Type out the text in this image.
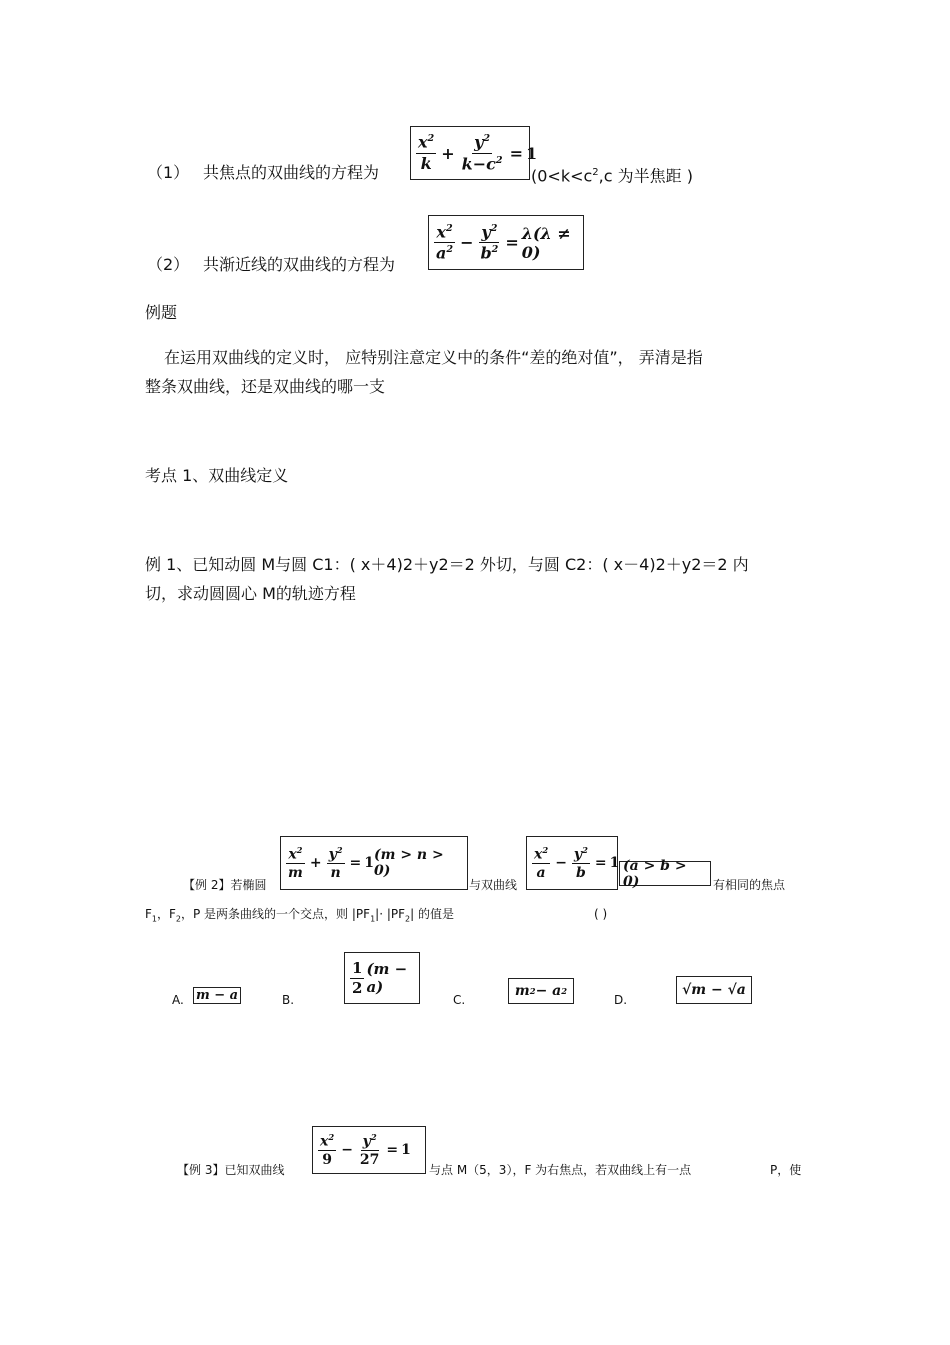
（1） 共焦点的双曲线的方程为
$\frac{x^2}{k} + \frac{y^2}{k-c^2} = 1$
($0<k<c^2,c$ 为半焦距 )
（2） 共渐近线的双曲线的方程为
$\frac{x^2}{a^2} - \frac{y^2}{b^2} = \lambda(\lambda \ne 0)$
例题
在运用双曲线的定义时， 应特别注意定义中的条件“差的绝对值”， 弄清是指
整条双曲线，还是双曲线的哪一支
考点 1、双曲线定义
例 1、已知动圆 M与圆 C1：( x＋4)2＋y2＝2 外切，与圆 C2：( x－4)2＋y2＝2 内
切，求动圆圆心 M的轨迹方程
【例 2】若椭圆
$\frac{x^2}{m} + \frac{y^2}{n} = 1$ (m > n > 0)
与双曲线
$\frac{x^2}{a} - \frac{y^2}{b} = 1$ (a > b > 0)	有相同的焦点
$F_1$，$F_2$，P 是两条曲线的一个交点，则 $|PF_1|\cdot |PF_2|$ 的值是	( )
A. m − a	B.
$\frac{1}{2} (m - a)$
C.
m 2 − a 2
D.
√m − √a
【例 3】已知双曲线
$\frac{x^2}{9} - \frac{y^2}{27} = 1$
与点 M（5，3），F 为右焦点，若双曲线上有一点	P，使
